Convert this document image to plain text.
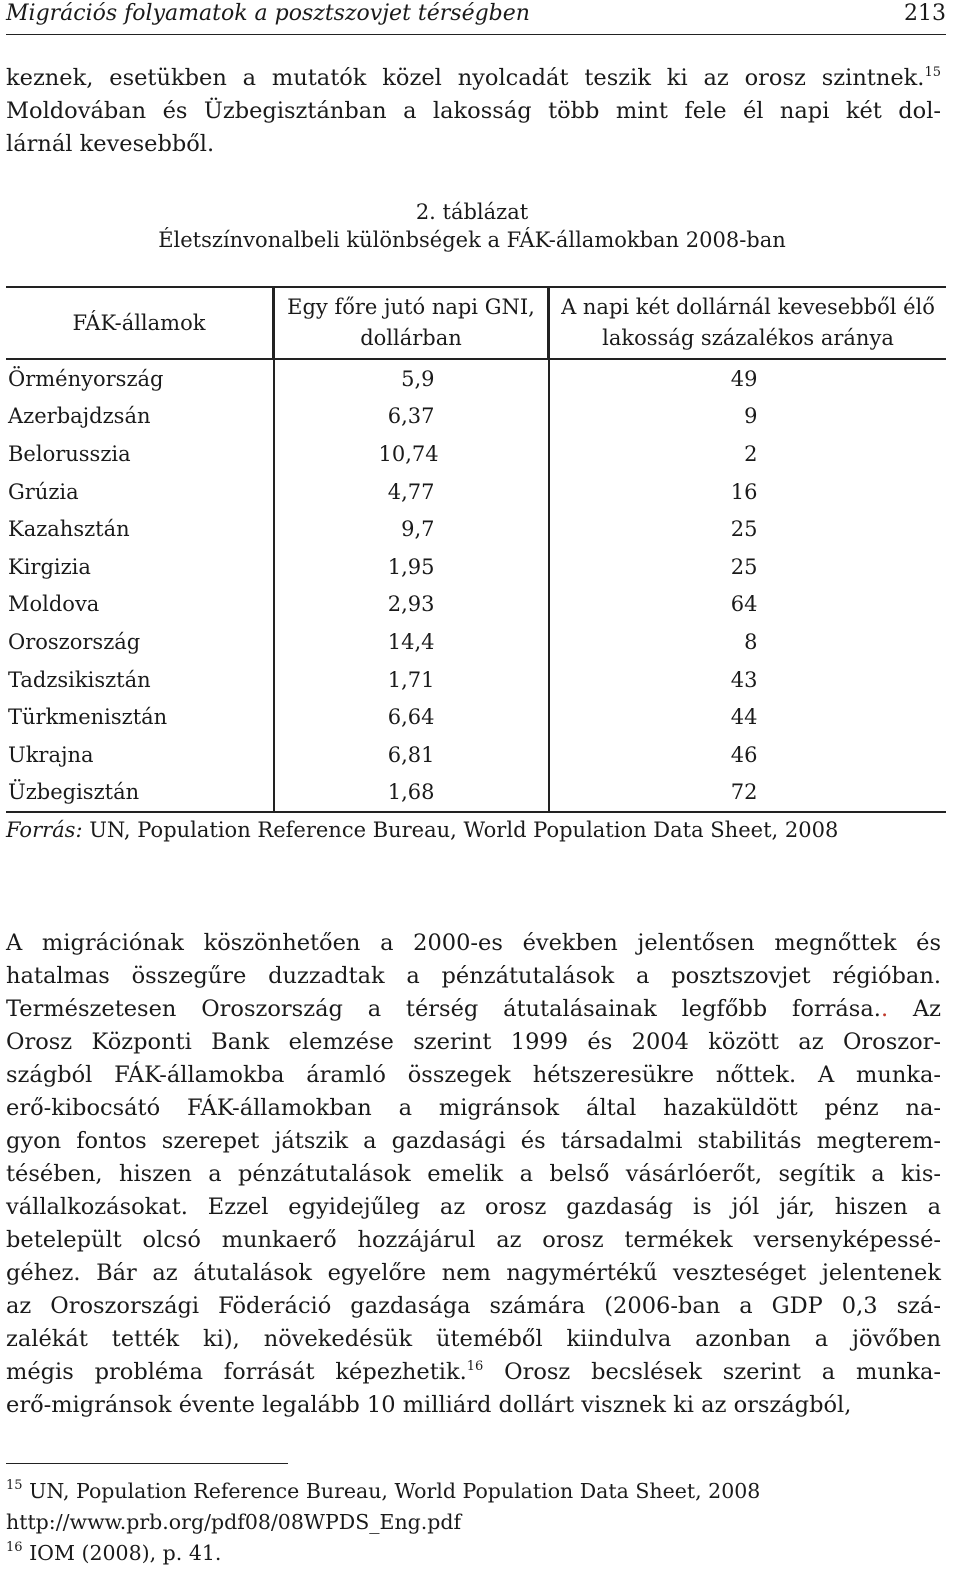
Migrációs folyamatok a posztszovjet térségben	213
keznek, esetükben a mutatók közel nyolcadát teszik ki az orosz szintnek.$^{15}$
Moldovában és Üzbegisztánban a lakosság több mint fele él napi két dol-
lárnál kevesebből.
2. táblázat
Életszínvonalbeli különbségek a FÁK-államokban 2008-ban
FÁK-államok	Egy főre jutó napi GNI, dollárban	A napi két dollárnál kevesebből élő lakosság százalékos aránya
Örményország	5,9	49
Azerbajdzsán	6,37	9
Belorusszia	10,74	2
Grúzia	4,77	16
Kazahsztán	9,7	25
Kirgizia	1,95	25
Moldova	2,93	64
Oroszország	14,4	8
Tadzsikisztán	1,71	43
Türkmenisztán	6,64	44
Ukrajna	6,81	46
Üzbegisztán	1,68	72
Forrás: UN, Population Reference Bureau, World Population Data Sheet, 2008
A migrációnak köszönhetően a 2000-es években jelentősen megnőttek és
hatalmas összegűre duzzadtak a pénzátutalások a posztszovjet régióban.
Természetesen Oroszország a térség átutalásainak legfőbb forrása.. Az
Orosz Központi Bank elemzése szerint 1999 és 2004 között az Oroszor-
szágból FÁK-államokba áramló összegek hétszeresükre nőttek. A munka-
erő-kibocsátó FÁK-államokban a migránsok által hazaküldött pénz na-
gyon fontos szerepet játszik a gazdasági és társadalmi stabilitás megterem-
tésében, hiszen a pénzátutalások emelik a belső vásárlóerőt, segítik a kis-
vállalkozásokat. Ezzel egyidejűleg az orosz gazdaság is jól jár, hiszen a
betelepült olcsó munkaerő hozzájárul az orosz termékek versenyképessé-
géhez. Bár az átutalások egyelőre nem nagymértékű veszteséget jelentenek
az Oroszországi Föderáció gazdasága számára (2006-ban a GDP 0,3 szá-
zalékát tették ki), növekedésük üteméből kiindulva azonban a jövőben
mégis probléma forrását képezhetik.$^{16}$ Orosz becslések szerint a munka-
erő-migránsok évente legalább 10 milliárd dollárt visznek ki az országból,
$^{15}$ UN, Population Reference Bureau, World Population Data Sheet, 2008
http://www.prb.org/pdf08/08WPDS_Eng.pdf
$^{16}$ IOM (2008), p. 41.
